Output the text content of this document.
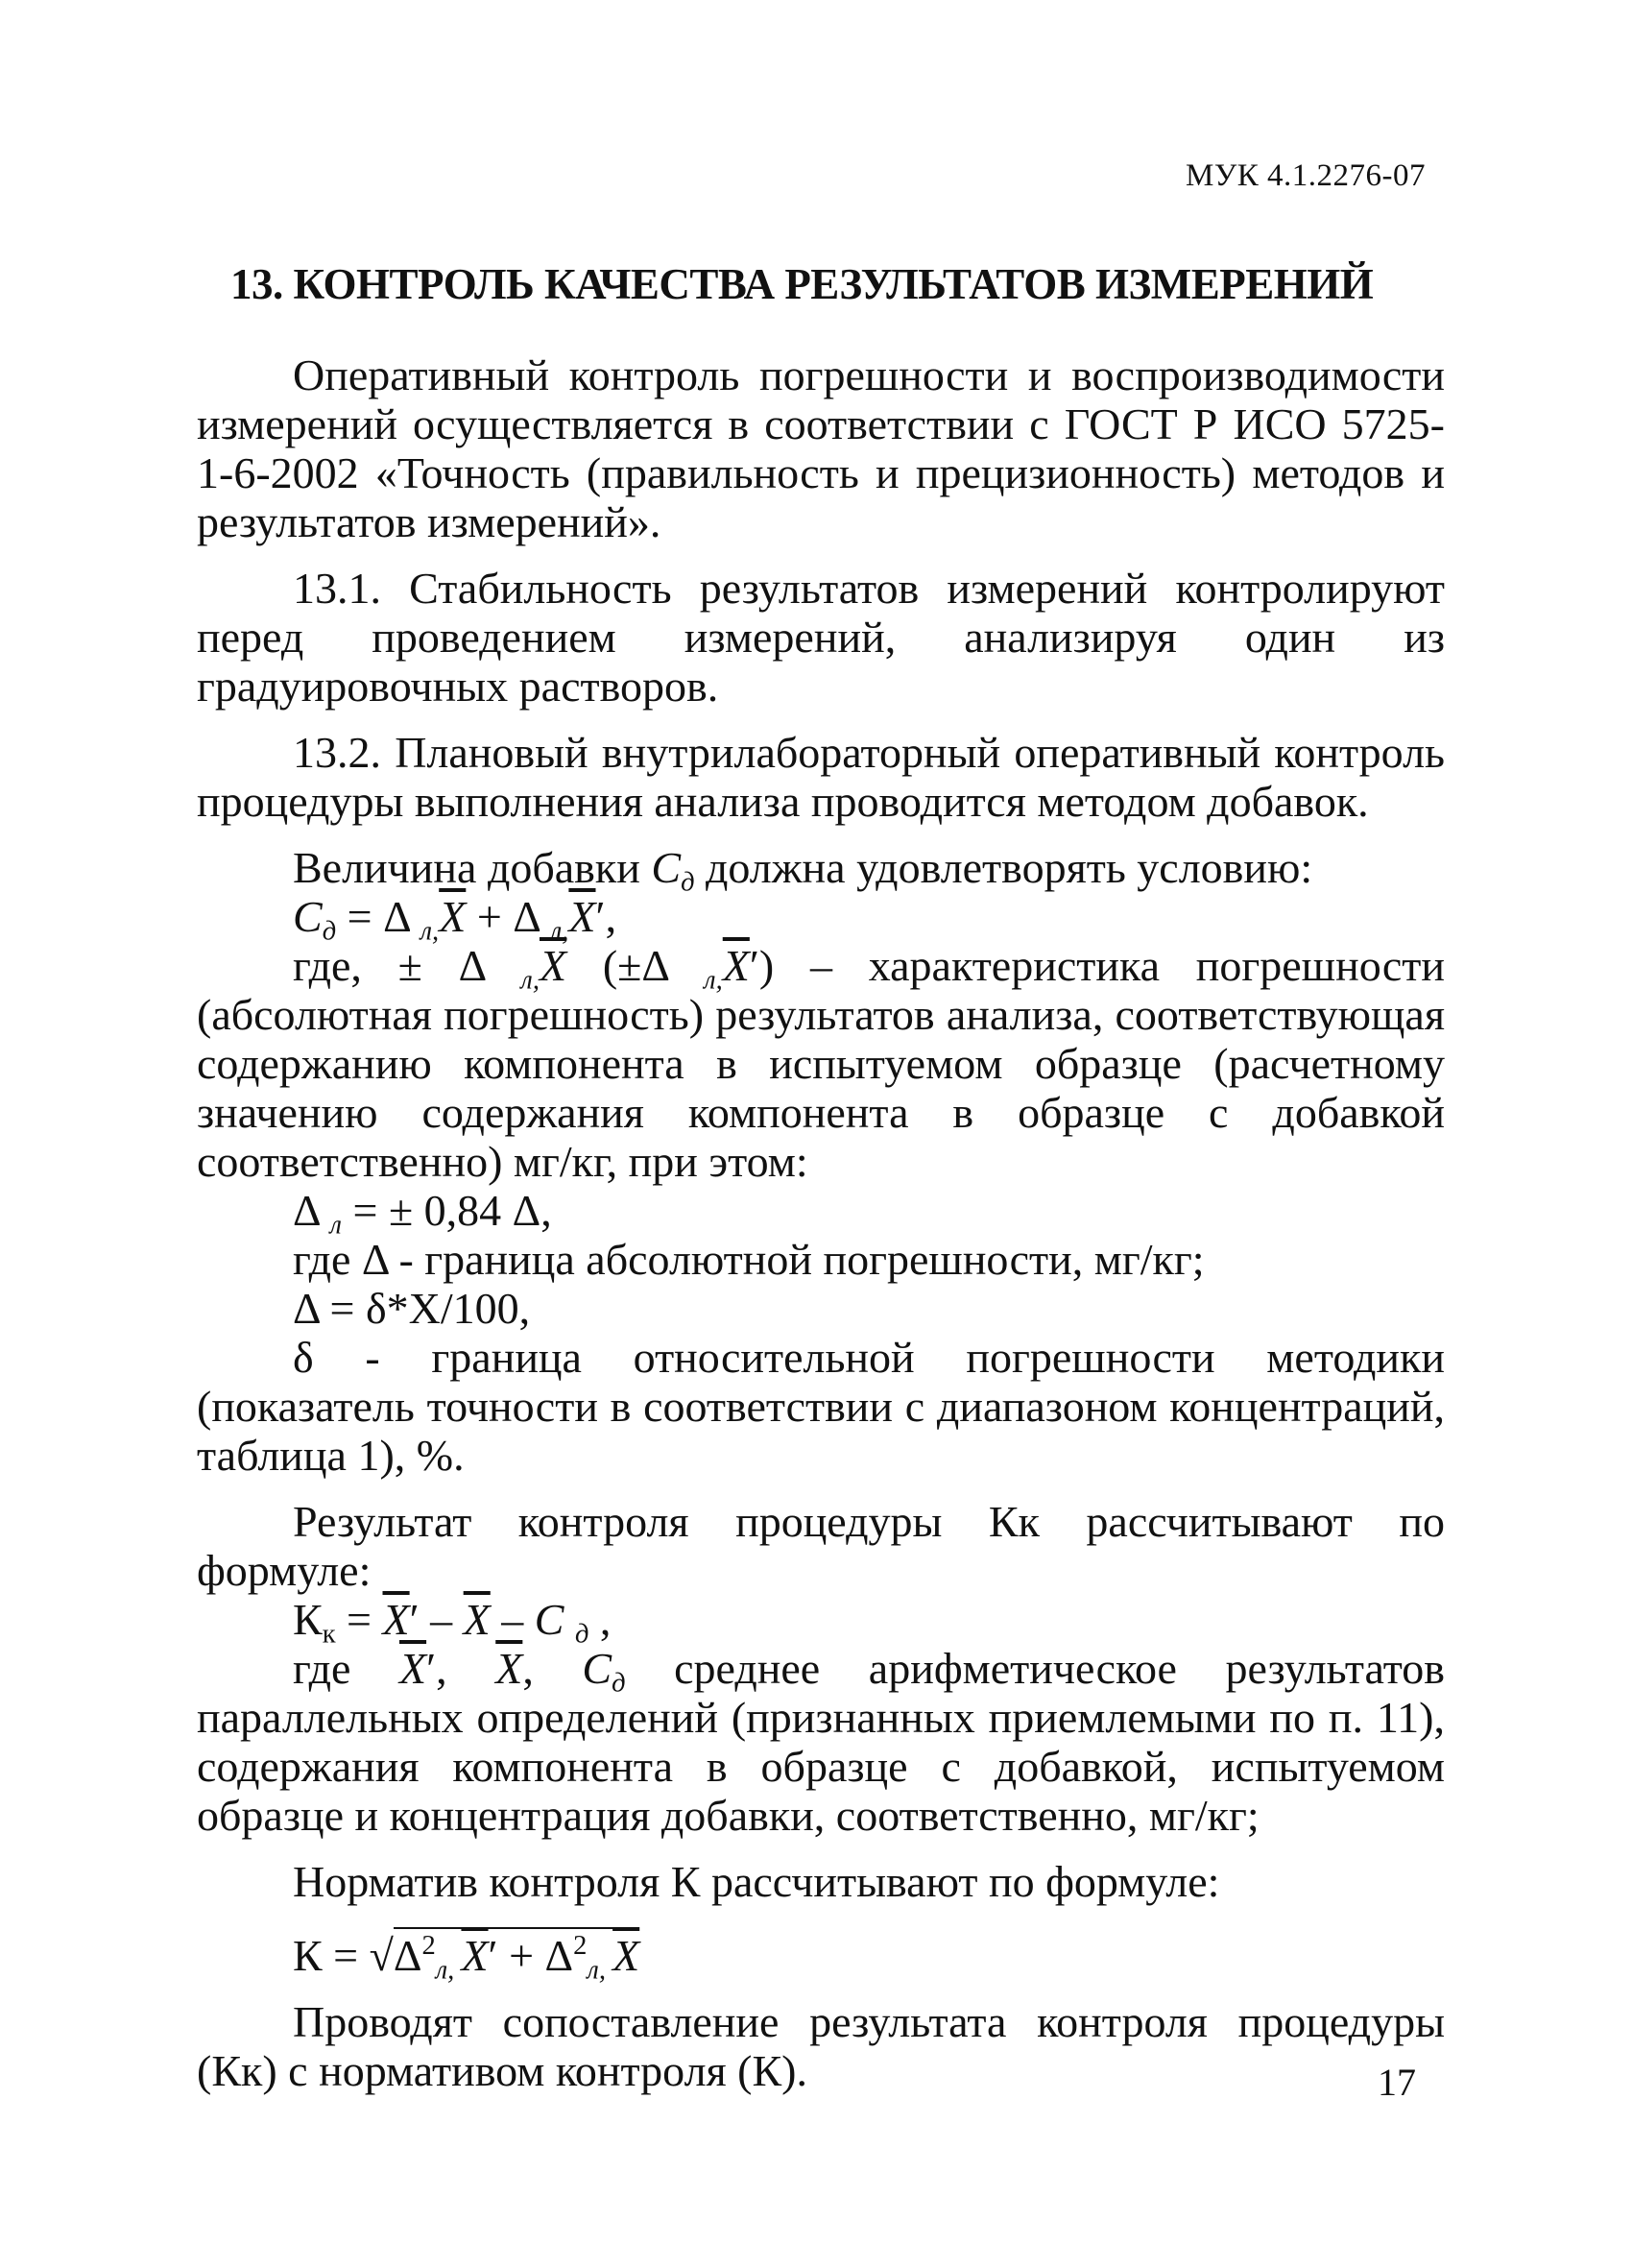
МУК 4.1.2276-07
13. КОНТРОЛЬ КАЧЕСТВА РЕЗУЛЬТАТОВ ИЗМЕРЕНИЙ

Оперативный контроль погрешности и воспроизводимости измерений осуществляется в соответствии с ГОСТ Р ИСО 5725-1-6-2002 «Точность (правильность и прецизионность) методов и результатов измерений».

13.1. Стабильность результатов измерений контролируют перед проведением измерений, анализируя один из градуировочных растворов.

13.2. Плановый внутрилабораторный оперативный контроль процедуры выполнения анализа проводится методом добавок.

Величина добавки $С_д$ должна удовлетворять условию:

$С_д = \Delta$ $_{л,}\overline{X} + \Delta$ $_{л,}\overline{X}'$,

где, ± Δ $_{л,}\overline{X}$ (±Δ $_{л,}\overline{X}'$) – характеристика погрешности (абсолютная погрешность) результатов анализа, соответствующая содержанию компонента в испытуемом образце (расчетному значению содержания компонента в образце с добавкой соответственно) мг/кг, при этом:

Δ $_л$ = ± 0,84 Δ,

где Δ - граница абсолютной погрешности, мг/кг;

Δ = δ*X/100,

δ - граница относительной погрешности методики (показатель точности в соответствии с диапазоном концентраций, таблица 1), %.

Результат контроля процедуры Кк рассчитывают по формуле:

$К_к = \overline{X}' - \overline{X} - С$ $_д$ ,

где $\overline{X}'$, $\overline{X}$, $С_д$ среднее арифметическое результатов параллельных определений (признанных приемлемыми по п. 11), содержания компонента в образце с добавкой, испытуемом образце и концентрация добавки, соответственно, мг/кг;

Норматив контроля К рассчитывают по формуле:

$К = √\Delta^2_{л,}$ $\overline{X}' + \Delta^2_{л,}$ $\overline{X}$

Проводят сопоставление результата контроля процедуры (Кк) с нормативом контроля (К).	17
